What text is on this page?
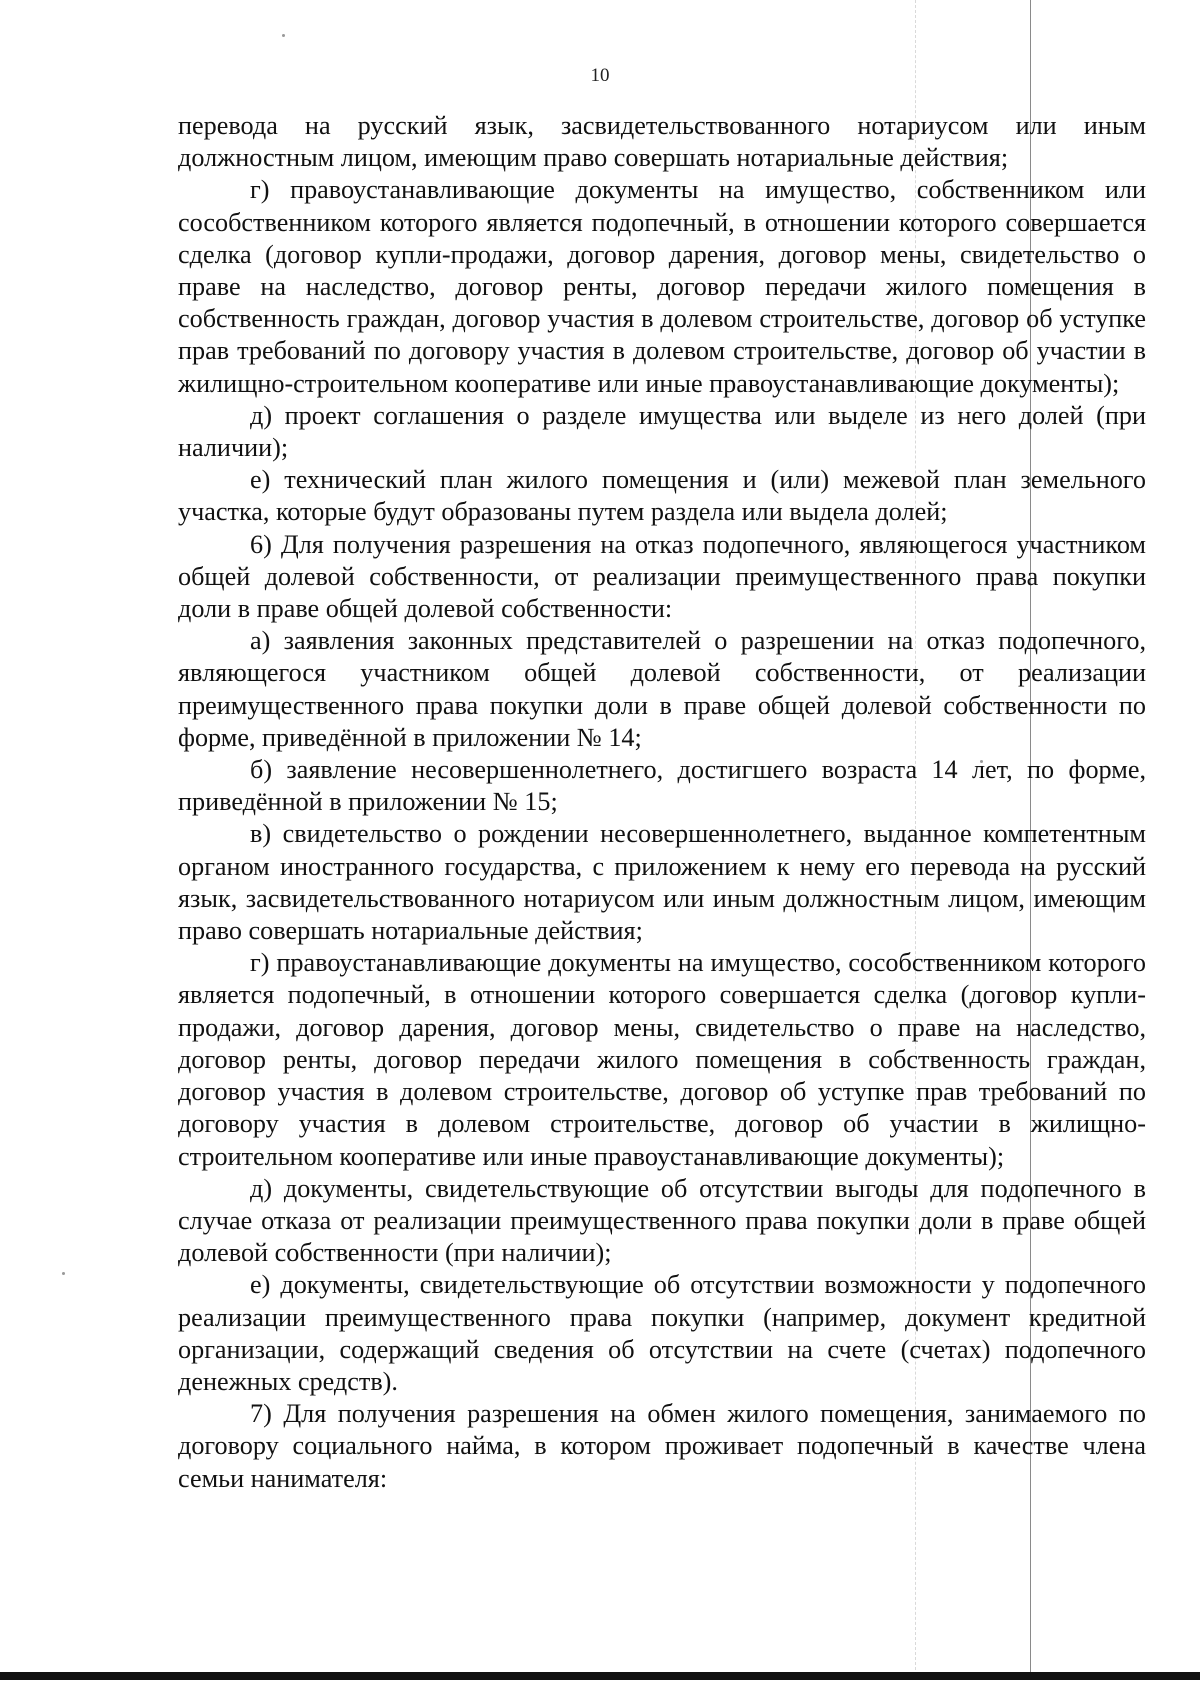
10

перевода на русский язык, засвидетельствованного нотариусом или иным должностным лицом, имеющим право совершать нотариальные действия;

г) правоустанавливающие документы на имущество, собственником или сособственником которого является подопечный, в отношении которого совершается сделка (договор купли-продажи, договор дарения, договор мены, свидетельство о праве на наследство, договор ренты, договор передачи жилого помещения в собственность граждан, договор участия в долевом строительстве, договор об уступке прав требований по договору участия в долевом строительстве, договор об участии в жилищно-строительном кооперативе или иные правоустанавливающие документы);

д) проект соглашения о разделе имущества или выделе из него долей (при наличии);

е) технический план жилого помещения и (или) межевой план земельного участка, которые будут образованы путем раздела или выдела долей;

6) Для получения разрешения на отказ подопечного, являющегося участником общей долевой собственности, от реализации преимущественного права покупки доли в праве общей долевой собственности:

а) заявления законных представителей о разрешении на отказ подопечного, являющегося участником общей долевой собственности, от реализации преимущественного права покупки доли в праве общей долевой собственности по форме, приведённой в приложении № 14;

б) заявление несовершеннолетнего, достигшего возраста 14 лет, по форме, приведённой в приложении № 15;

в) свидетельство о рождении несовершеннолетнего, выданное компетентным органом иностранного государства, с приложением к нему его перевода на русский язык, засвидетельствованного нотариусом или иным должностным лицом, имеющим право совершать нотариальные действия;

г) правоустанавливающие документы на имущество, сособственником которого является подопечный, в отношении которого совершается сделка (договор купли-продажи, договор дарения, договор мены, свидетельство о праве на наследство, договор ренты, договор передачи жилого помещения в собственность граждан, договор участия в долевом строительстве, договор об уступке прав требований по договору участия в долевом строительстве, договор об участии в жилищно-строительном кооперативе или иные правоустанавливающие документы);

д) документы, свидетельствующие об отсутствии выгоды для подопечного в случае отказа от реализации преимущественного права покупки доли в праве общей долевой собственности (при наличии);

е) документы, свидетельствующие об отсутствии возможности у подопечного реализации преимущественного права покупки (например, документ кредитной организации, содержащий сведения об отсутствии на счете (счетах) подопечного денежных средств).

7) Для получения разрешения на обмен жилого помещения, занимаемого по договору социального найма, в котором проживает подопечный в качестве члена семьи нанимателя:
